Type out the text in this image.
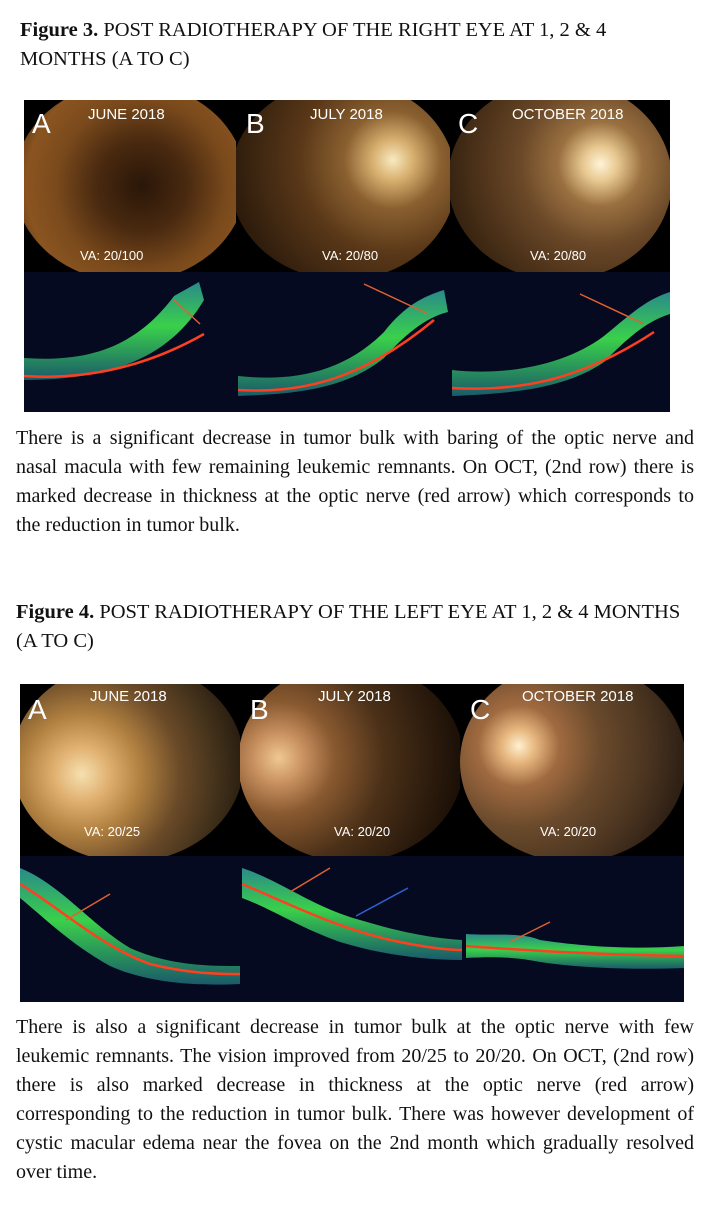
Figure 3. POST RADIOTHERAPY OF THE RIGHT EYE AT 1, 2 & 4 MONTHS (A TO C)
A JUNE 2018
VA: 20/100
B	JULY 2018
VA: 20/80
C OCTOBER 2018
VA: 20/80
There is a significant decrease in tumor bulk with baring of the optic nerve and nasal macula with few remaining leukemic remnants. On OCT, (2nd row) there is marked decrease in thickness at the optic nerve (red arrow) which corresponds to the reduction in tumor bulk.
Figure 4. POST RADIOTHERAPY OF THE LEFT EYE AT 1, 2 & 4 MONTHS (A TO C)
A	JUNE 2018
VA: 20/25
B	JULY 2018
VA: 20/20
C OCTOBER 2018
VA: 20/20
There is also a significant decrease in tumor bulk at the optic nerve with few leukemic remnants. The vision improved from 20/25 to 20/20. On OCT, (2nd row) there is also marked decrease in thickness at the optic nerve (red arrow) corresponding to the reduction in tumor bulk. There was however development of cystic macular edema near the fovea on the 2nd month which gradually resolved over time.
